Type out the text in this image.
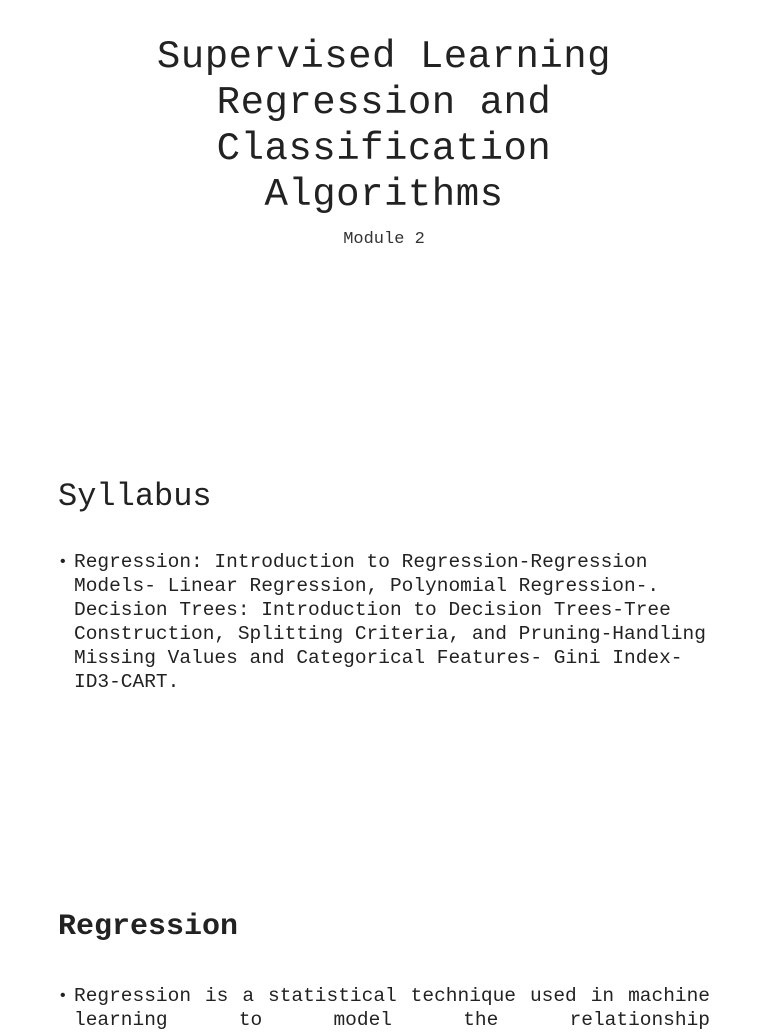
Supervised Learning
Regression and
Classification
Algorithms
Module 2
Syllabus
• Regression: Introduction to Regression-Regression Models- Linear Regression, Polynomial Regression-. Decision Trees: Introduction to Decision Trees-Tree Construction, Splitting Criteria, and Pruning-Handling Missing Values and Categorical Features- Gini Index-ID3-CART.
Regression
• Regression is a statistical technique used in machine learning to model the relationship
